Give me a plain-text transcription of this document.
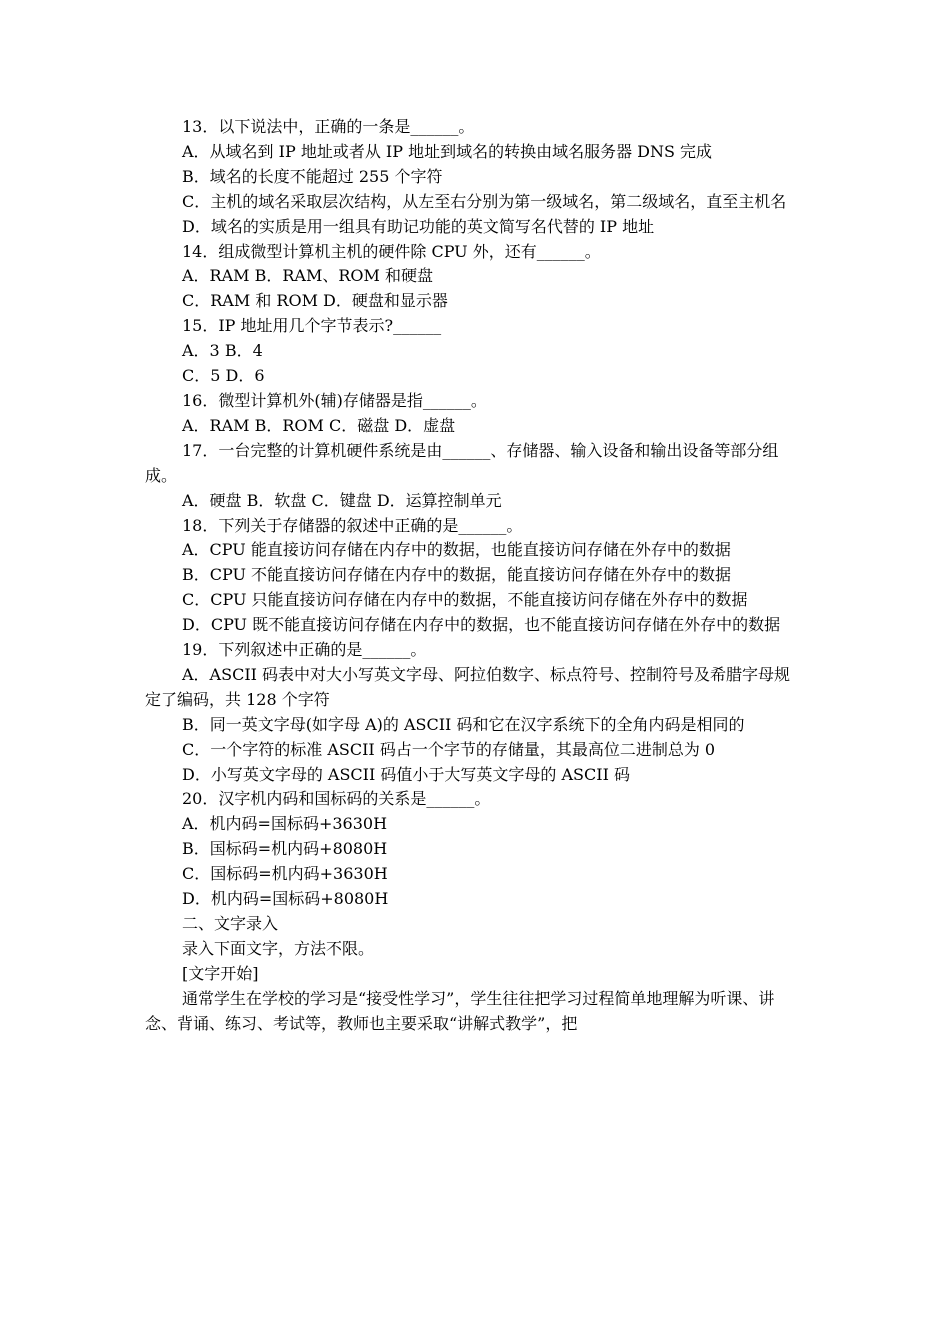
13．以下说法中，正确的一条是______。

A．从域名到 IP 地址或者从 IP 地址到域名的转换由域名服务器 DNS 完成

B．域名的长度不能超过 255 个字符

C．主机的域名采取层次结构，从左至右分别为第一级域名，第二级域名，直至主机名

D．域名的实质是用一组具有助记功能的英文简写名代替的 IP 地址

14．组成微型计算机主机的硬件除 CPU 外，还有______。

A．RAM B．RAM、ROM 和硬盘

C．RAM 和 ROM D．硬盘和显示器

15．IP 地址用几个字节表示?______

A．3 B．4

C．5 D．6

16．微型计算机外(辅)存储器是指______。

A．RAM B．ROM C．磁盘 D．虚盘

17．一台完整的计算机硬件系统是由______、存储器、输入设备和输出设备等部分组成。

A．硬盘 B．软盘 C．键盘 D．运算控制单元

18．下列关于存储器的叙述中正确的是______。

A．CPU 能直接访问存储在内存中的数据，也能直接访问存储在外存中的数据

B．CPU 不能直接访问存储在内存中的数据，能直接访问存储在外存中的数据

C．CPU 只能直接访问存储在内存中的数据，不能直接访问存储在外存中的数据

D．CPU 既不能直接访问存储在内存中的数据，也不能直接访问存储在外存中的数据

19．下列叙述中正确的是______。

A．ASCII 码表中对大小写英文字母、阿拉伯数字、标点符号、控制符号及希腊字母规定了编码，共 128 个字符

B．同一英文字母(如字母 A)的 ASCII 码和它在汉字系统下的全角内码是相同的

C．一个字符的标准 ASCII 码占一个字节的存储量，其最高位二进制总为 0

D．小写英文字母的 ASCII 码值小于大写英文字母的 ASCII 码

20．汉字机内码和国标码的关系是______。

A．机内码=国标码+3630H

B．国标码=机内码+8080H

C．国标码=机内码+3630H

D．机内码=国标码+8080H

二、文字录入

录入下面文字，方法不限。

[文字开始]

通常学生在学校的学习是“接受性学习”，学生往往把学习过程简单地理解为听课、讲念、背诵、练习、考试等，教师也主要采取“讲解式教学”，把
